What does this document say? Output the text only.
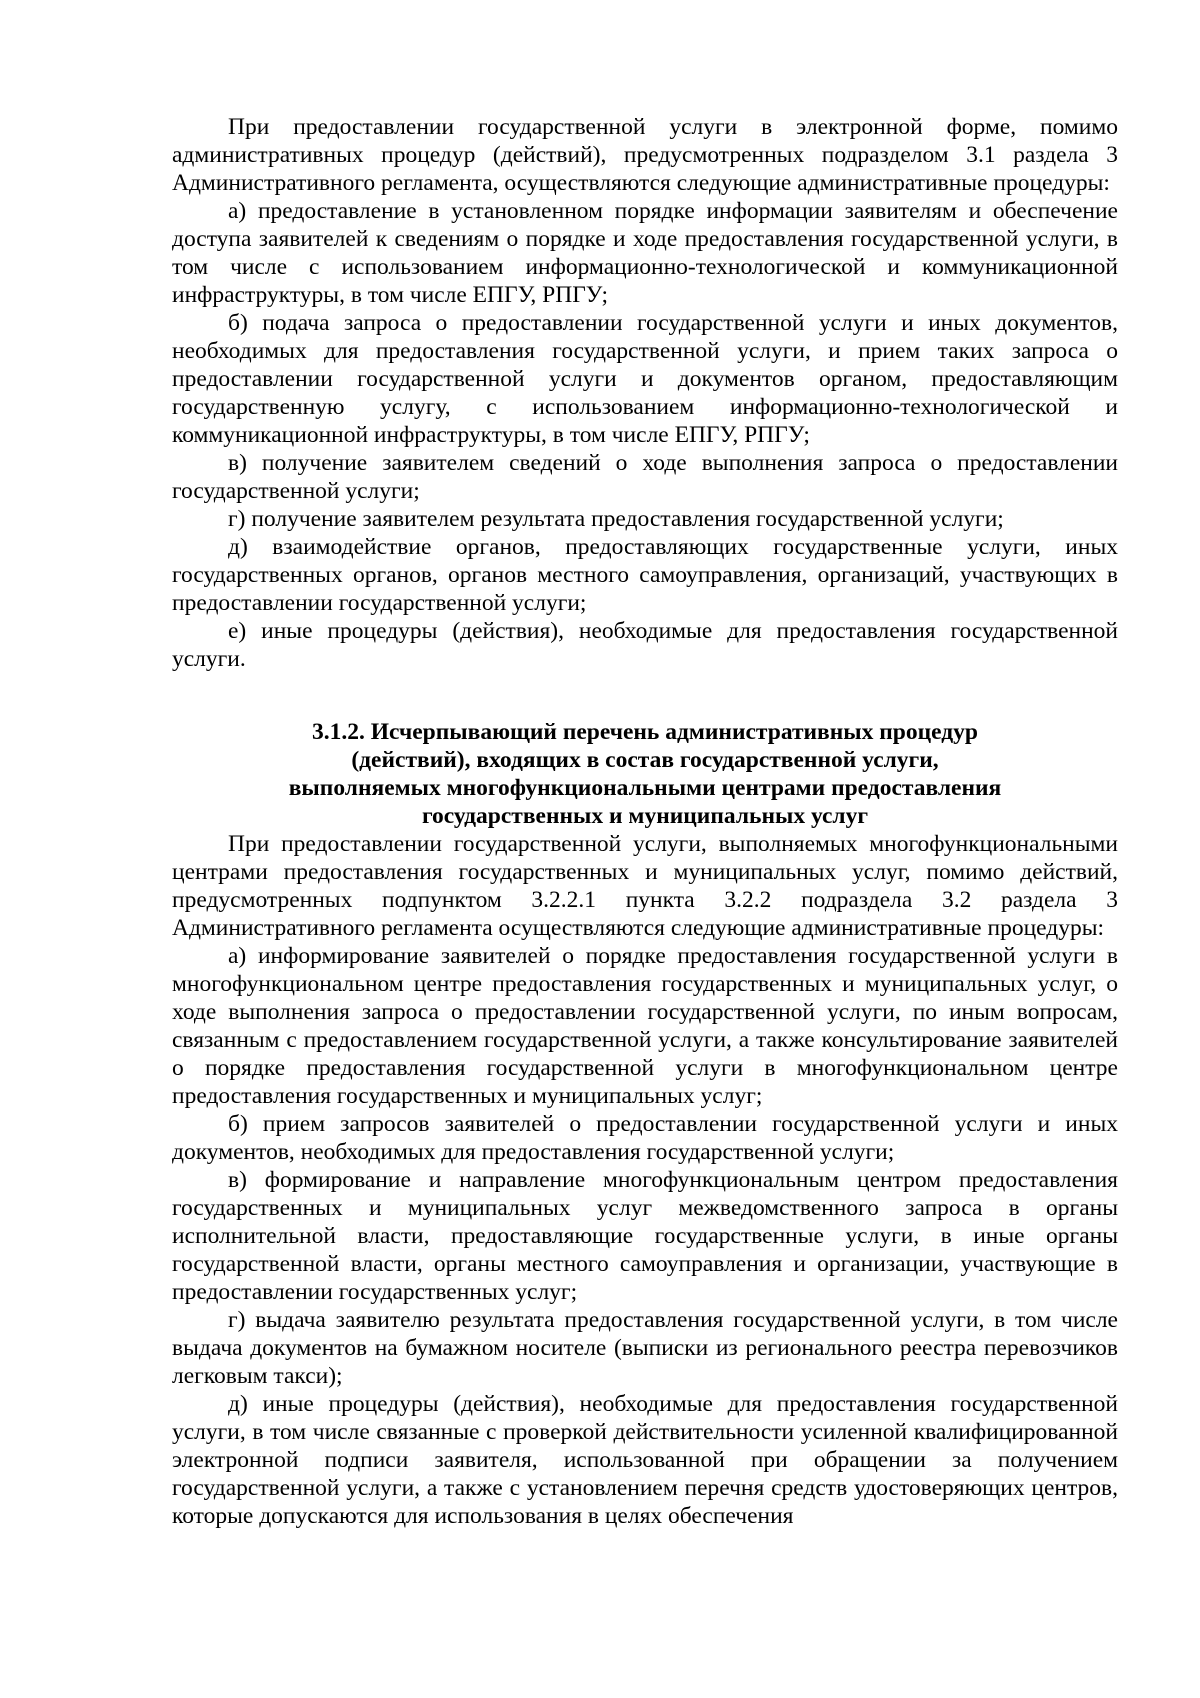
При предоставлении государственной услуги в электронной форме, помимо административных процедур (действий), предусмотренных подразделом 3.1 раздела 3 Административного регламента, осуществляются следующие административные процедуры:

а) предоставление в установленном порядке информации заявителям и обеспечение доступа заявителей к сведениям о порядке и ходе предоставления государственной услуги, в том числе с использованием информационно-технологической и коммуникационной инфраструктуры, в том числе ЕПГУ, РПГУ;

б) подача запроса о предоставлении государственной услуги и иных документов, необходимых для предоставления государственной услуги, и прием таких запроса о предоставлении государственной услуги и документов органом, предоставляющим государственную услугу, с использованием информационно-технологической и коммуникационной инфраструктуры, в том числе ЕПГУ, РПГУ;

в) получение заявителем сведений о ходе выполнения запроса о предоставлении государственной услуги;

г) получение заявителем результата предоставления государственной услуги;

д) взаимодействие органов, предоставляющих государственные услуги, иных государственных органов, органов местного самоуправления, организаций, участвующих в предоставлении государственной услуги;

е) иные процедуры (действия), необходимые для предоставления государственной услуги.

3.1.2. Исчерпывающий перечень административных процедур
(действий), входящих в состав государственной услуги,
выполняемых многофункциональными центрами предоставления
государственных и муниципальных услуг

При предоставлении государственной услуги, выполняемых многофункциональными центрами предоставления государственных и муниципальных услуг, помимо действий, предусмотренных подпунктом 3.2.2.1 пункта 3.2.2 подраздела 3.2 раздела 3 Административного регламента осуществляются следующие административные процедуры:

а) информирование заявителей о порядке предоставления государственной услуги в многофункциональном центре предоставления государственных и муниципальных услуг, о ходе выполнения запроса о предоставлении государственной услуги, по иным вопросам, связанным с предоставлением государственной услуги, а также консультирование заявителей о порядке предоставления государственной услуги в многофункциональном центре предоставления государственных и муниципальных услуг;

б) прием запросов заявителей о предоставлении государственной услуги и иных документов, необходимых для предоставления государственной услуги;

в) формирование и направление многофункциональным центром предоставления государственных и муниципальных услуг межведомственного запроса в органы исполнительной власти, предоставляющие государственные услуги, в иные органы государственной власти, органы местного самоуправления и организации, участвующие в предоставлении государственных услуг;

г) выдача заявителю результата предоставления государственной услуги, в том числе выдача документов на бумажном носителе (выписки из регионального реестра перевозчиков легковым такси);

д) иные процедуры (действия), необходимые для предоставления государственной услуги, в том числе связанные с проверкой действительности усиленной квалифицированной электронной подписи заявителя, использованной при обращении за получением государственной услуги, а также с установлением перечня средств удостоверяющих центров, которые допускаются для использования в целях обеспечения
